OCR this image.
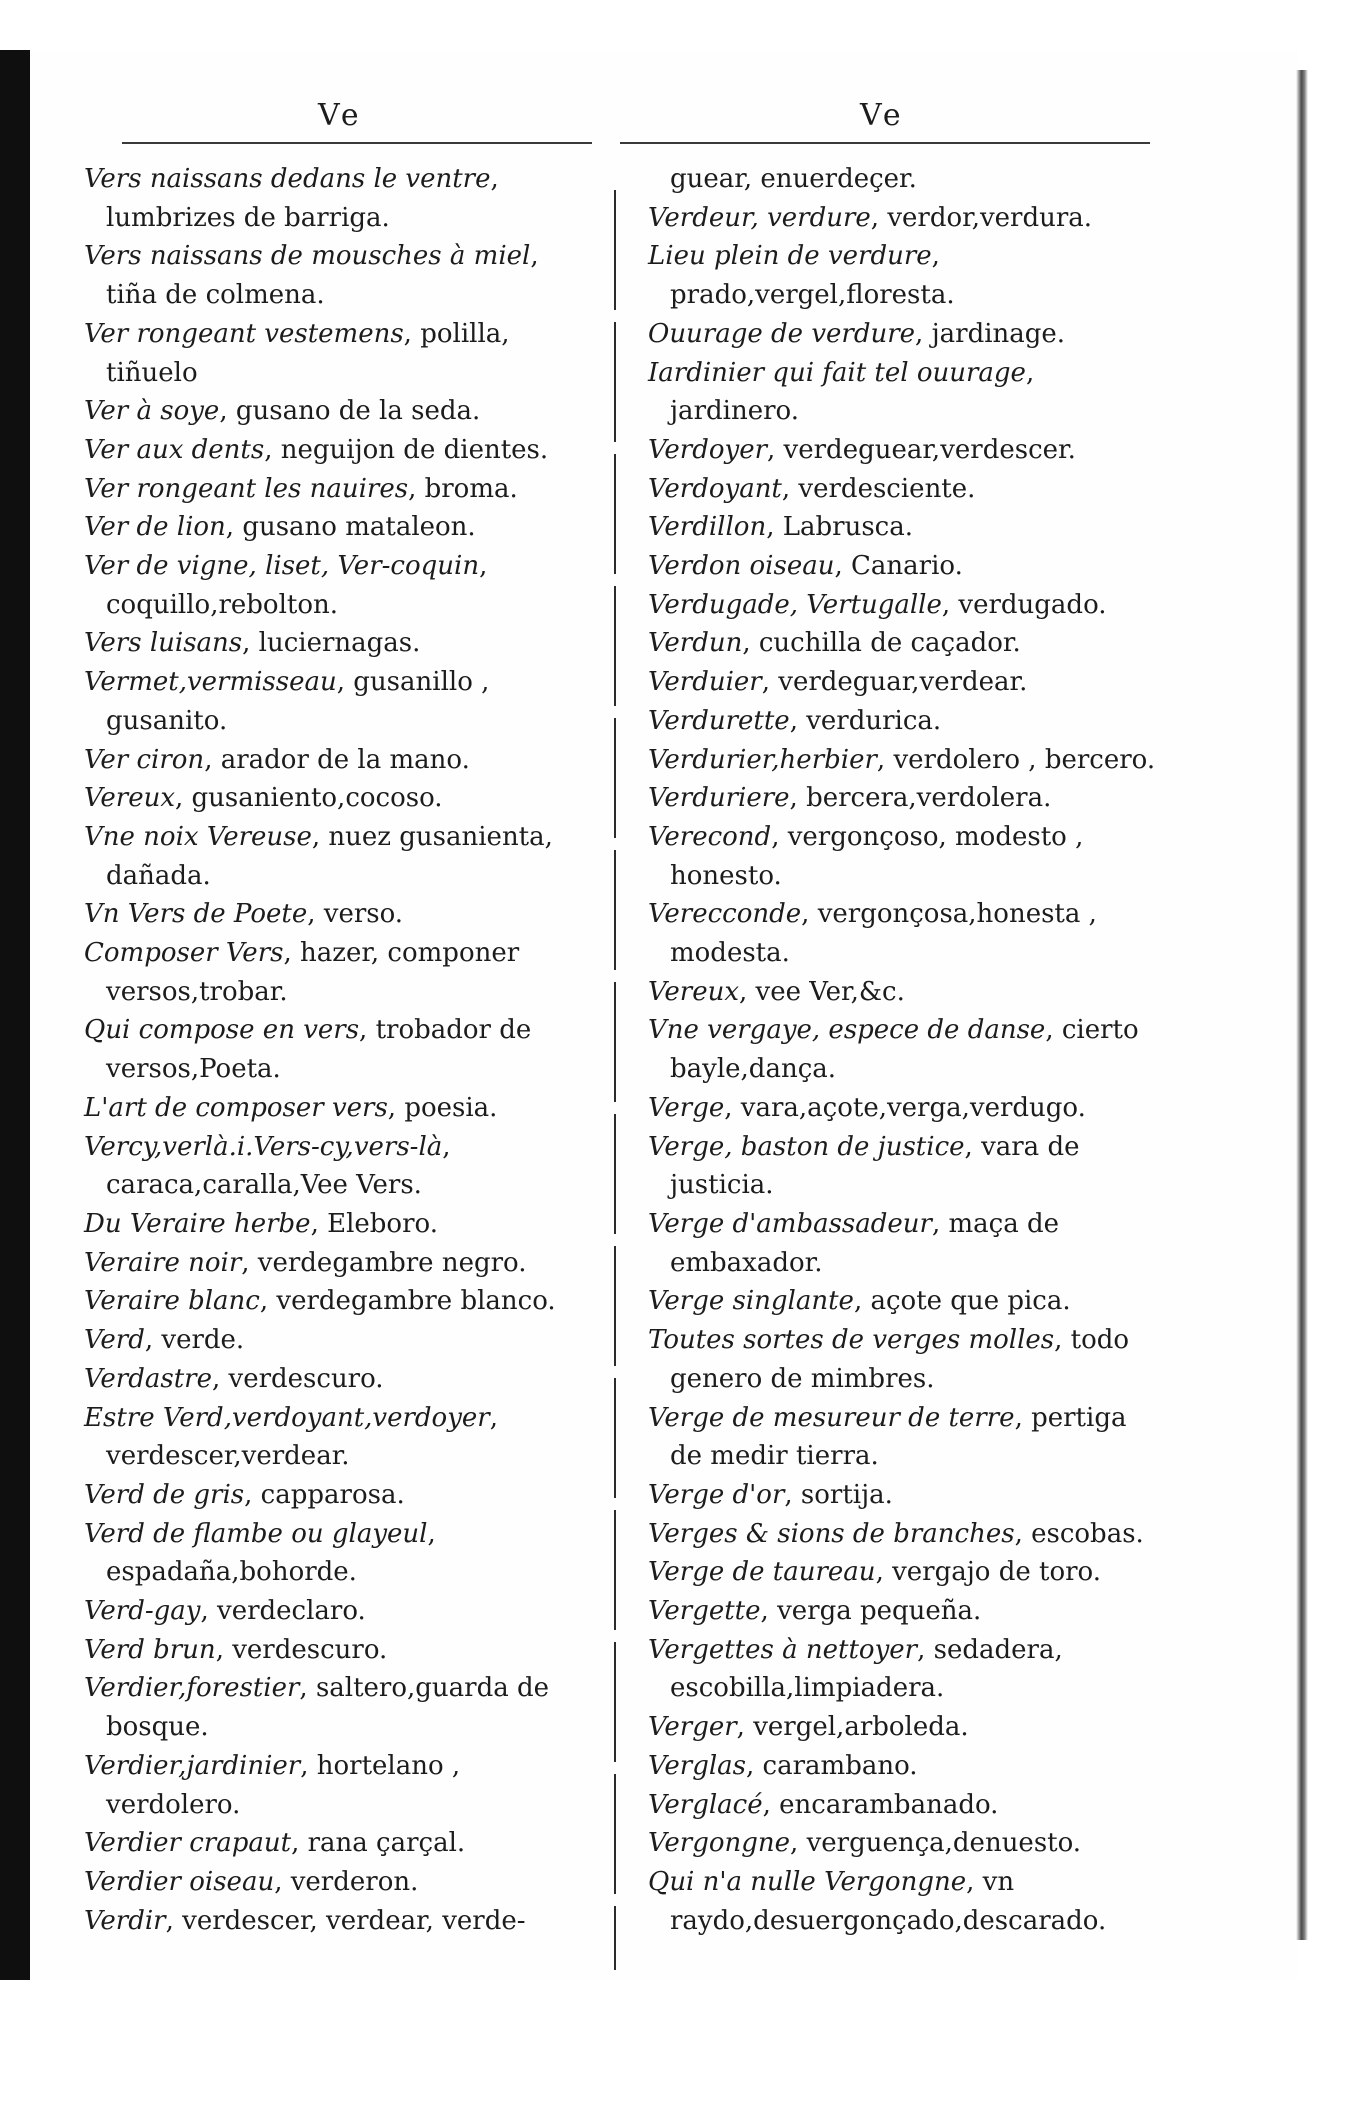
Ve	Ve

Vers naissans dedans le ventre, lumbrizes de barriga.

Vers naissans de mousches à miel, tiña de colmena.

Ver rongeant vestemens, polilla, tiñuelo

Ver à soye, gusano de la seda.

Ver aux dents, neguijon de dientes.

Ver rongeant les nauires, broma.

Ver de lion, gusano mataleon.

Ver de vigne, liset, Ver-coquin, coquillo,rebolton.

Vers luisans, luciernagas.

Vermet,vermisseau, gusanillo , gusanito.

Ver ciron, arador de la mano.

Vereux, gusaniento,cocoso.

Vne noix Vereuse, nuez gusanienta, dañada.

Vn Vers de Poete, verso.

Composer Vers, hazer, componer versos,trobar.

Qui compose en vers, trobador de versos,Poeta.

L'art de composer vers, poesia.

Vercy,verlà.i.Vers-cy,vers-là, caraca,caralla,Vee Vers.

Du Veraire herbe, Eleboro.

Veraire noir, verdegambre negro.

Veraire blanc, verdegambre blanco.

Verd, verde.

Verdastre, verdescuro.

Estre Verd,verdoyant,verdoyer, verdescer,verdear.

Verd de gris, capparosa.

Verd de flambe ou glayeul, espadaña,bohorde.

Verd-gay, verdeclaro.

Verd brun, verdescuro.

Verdier,forestier, saltero,guarda de bosque.

Verdier,jardinier, hortelano , verdolero.

Verdier crapaut, rana çarçal.

Verdier oiseau, verderon.

Verdir, verdescer, verdear, verde-

guear, enuerdeçer.

Verdeur, verdure, verdor,verdura.

Lieu plein de verdure, prado,vergel,floresta.

Ouurage de verdure, jardinage.

Iardinier qui fait tel ouurage, jardinero.

Verdoyer, verdeguear,verdescer.

Verdoyant, verdesciente.

Verdillon, Labrusca.

Verdon oiseau, Canario.

Verdugade, Vertugalle, verdugado.

Verdun, cuchilla de caçador.

Verduier, verdeguar,verdear.

Verdurette, verdurica.

Verdurier,herbier, verdolero , bercero.

Verduriere, bercera,verdolera.

Verecond, vergonçoso, modesto , honesto.

Verecconde, vergonçosa,honesta , modesta.

Vereux, vee Ver,&c.

Vne vergaye, espece de danse, cierto bayle,dança.

Verge, vara,açote,verga,verdugo.

Verge, baston de justice, vara de justicia.

Verge d'ambassadeur, maça de embaxador.

Verge singlante, açote que pica.

Toutes sortes de verges molles, todo genero de mimbres.

Verge de mesureur de terre, pertiga de medir tierra.

Verge d'or, sortija.

Verges & sions de branches, escobas.

Verge de taureau, vergajo de toro.

Vergette, verga pequeña.

Vergettes à nettoyer, sedadera, escobilla,limpiadera.

Verger, vergel,arboleda.

Verglas, carambano.

Verglacé, encarambanado.

Vergongne, verguença,denuesto.

Qui n'a nulle Vergongne, vn raydo,desuergonçado,descarado.
